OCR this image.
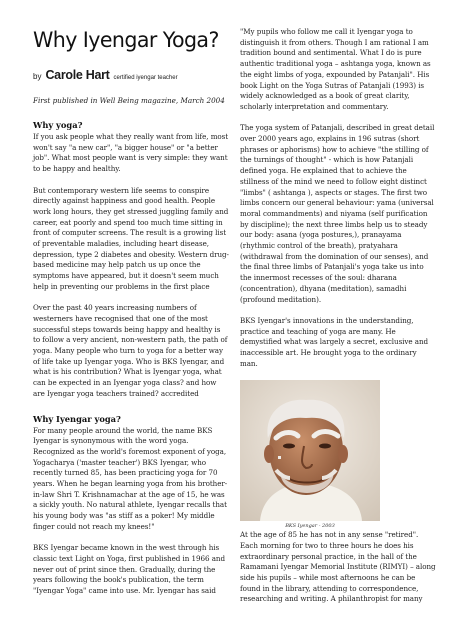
Why Iyengar Yoga?
by Carole Hart certified iyengar teacher
First published in Well Being magazine, March 2004
Why yoga?

If you ask people what they really want from life, most won't say "a new car", "a bigger house" or "a better job". What most people want is very simple: they want to be happy and healthy.

But contemporary western life seems to conspire directly against happiness and good health. People work long hours, they get stressed juggling family and career, eat poorly and spend too much time sitting in front of computer screens. The result is a growing list of preventable maladies, including heart disease, depression, type 2 diabetes and obesity. Western drug-based medicine may help patch us up once the symptoms have appeared, but it doesn't seem much help in preventing our problems in the first place

Over the past 40 years increasing numbers of westerners have recognised that one of the most successful steps towards being happy and healthy is to follow a very ancient, non-western path, the path of yoga. Many people who turn to yoga for a better way of life take up Iyengar yoga. Who is BKS Iyengar, and what is his contribution? What is Iyengar yoga, what can be expected in an Iyengar yoga class? and how are Iyengar yoga teachers trained? accredited

Why Iyengar yoga?

For many people around the world, the name BKS Iyengar is synonymous with the word yoga. Recognized as the world's foremost exponent of yoga, Yogacharya ('master teacher') BKS Iyengar, who recently turned 85, has been practicing yoga for 70 years. When he began learning yoga from his brother-in-law Shri T. Krishnamachar at the age of 15, he was a sickly youth. No natural athlete, Iyengar recalls that his young body was "as stiff as a poker! My middle finger could not reach my knees!"

BKS Iyengar became known in the west through his classic text Light on Yoga, first published in 1966 and never out of print since then. Gradually, during the years following the book's publication, the term "Iyengar Yoga" came into use. Mr. Iyengar has said

"My pupils who follow me call it Iyengar yoga to distinguish it from others. Though I am rational I am tradition bound and sentimental. What I do is pure authentic traditional yoga – ashtanga yoga, known as the eight limbs of yoga, expounded by Patanjali". His book Light on the Yoga Sutras of Patanjali (1993) is widely acknowledged as a book of great clarity, scholarly interpretation and commentary.

The yoga system of Patanjali, described in great detail over 2000 years ago, explains in 196 sutras (short phrases or aphorisms) how to achieve "the stilling of the turnings of thought" - which is how Patanjali defined yoga. He explained that to achieve the stillness of the mind we need to follow eight distinct "limbs" ( ashtanga ), aspects or stages. The first two limbs concern our general behaviour: yama (universal moral commandments) and niyama (self purification by discipline); the next three limbs help us to steady our body: asana (yoga postures,), pranayama (rhythmic control of the breath), pratyahara (withdrawal from the domination of our senses), and the final three limbs of Patanjali's yoga take us into the innermost recesses of the soul: dharana (concentration), dhyana (meditation), samadhi (profound meditation).

BKS Iyengar's innovations in the understanding, practice and teaching of yoga are many. He demystified what was largely a secret, exclusive and inaccessible art. He brought yoga to the ordinary man.

BKS Iyengar - 2003

At the age of 85 he has not in any sense "retired". Each morning for two to three hours he does his extraordinary personal practice, in the hall of the Ramamani Iyengar Memorial Institute (RIMYI) – along side his pupils – while most afternoons he can be found in the library, attending to correspondence, researching and writing. A philanthropist for many
